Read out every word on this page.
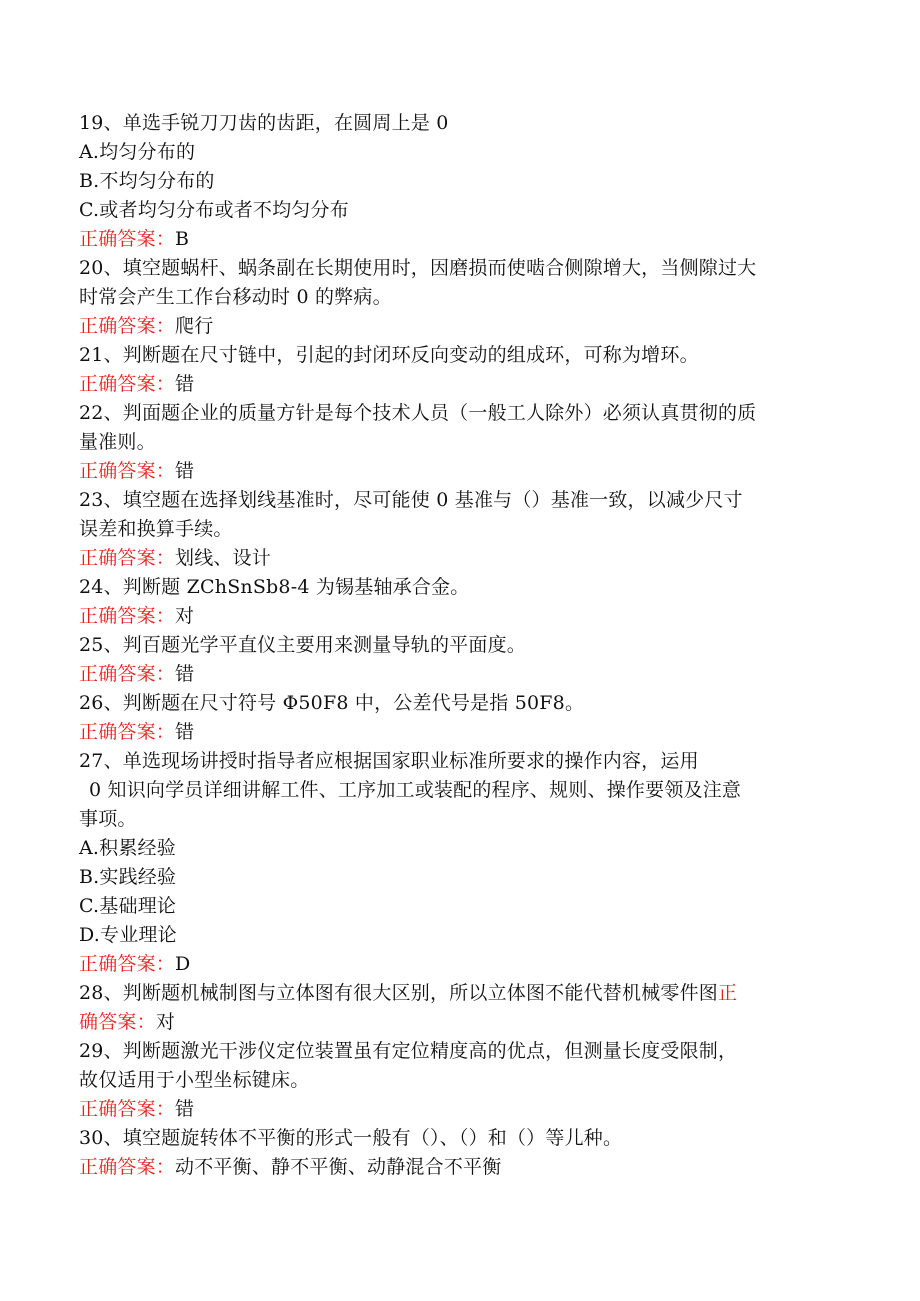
19、单选手锐刀刀齿的齿距，在圆周上是 0
A.均匀分布的
B.不均匀分布的
C.或者均匀分布或者不均匀分布
正确答案：B
20、填空题蜗杆、蜗条副在长期使用时，因磨损而使啮合侧隙增大，当侧隙过大
时常会产生工作台移动时 0 的弊病。
正确答案：爬行
21、判断题在尺寸链中，引起的封闭环反向变动的组成环，可称为增环。
正确答案：错
22、判面题企业的质量方针是每个技术人员（一般工人除外）必须认真贯彻的质
量准则。
正确答案：错
23、填空题在选择划线基准时，尽可能使 0 基准与（）基准一致，以减少尺寸
误差和换算手续。
正确答案：划线、设计
24、判断题 ZChSnSb8-4 为锡基轴承合金。
正确答案：对
25、判百题光学平直仪主要用来测量导轨的平面度。
正确答案：错
26、判断题在尺寸符号 Φ50F8 中，公差代号是指 50F8。
正确答案：错
27、单选现场讲授时指导者应根据国家职业标准所要求的操作内容，运用
0 知识向学员详细讲解工件、工序加工或装配的程序、规则、操作要领及注意
事项。
A.积累经验
B.实践经验
C.基础理论
D.专业理论
正确答案：D
28、判断题机械制图与立体图有很大区别，所以立体图不能代替机械零件图正
确答案：对
29、判断题激光干涉仪定位装置虽有定位精度高的优点，但测量长度受限制，
故仅适用于小型坐标键床。
正确答案：错
30、填空题旋转体不平衡的形式一般有（）、（）和（）等儿种。
正确答案：动不平衡、静不平衡、动静混合不平衡
